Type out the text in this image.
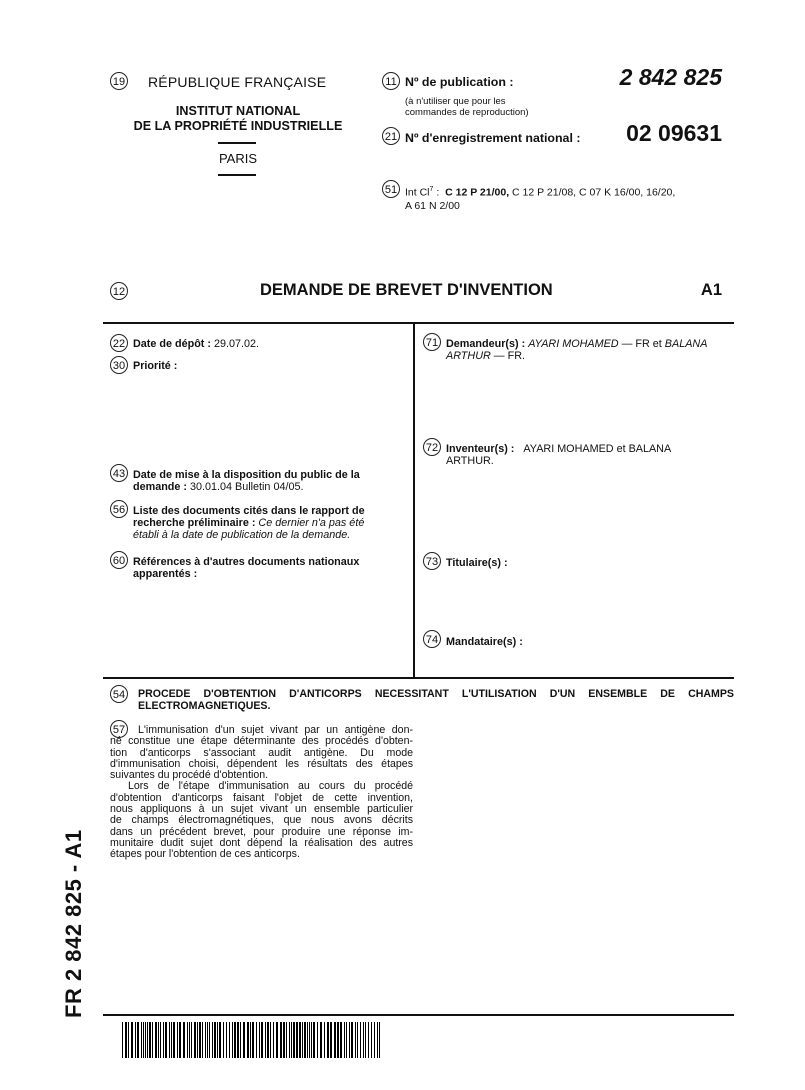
19 RÉPUBLIQUE FRANÇAISE
INSTITUT NATIONAL
DE LA PROPRIÉTÉ INDUSTRIELLE
PARIS
11 Nº de publication :	2 842 825
(à n'utiliser que pour les
commandes de reproduction)
21 Nº d'enregistrement national :	02 09631
51 Int Cl$^7$ : C 12 P 21/00, C 12 P 21/08, C 07 K 16/00, 16/20,
A 61 N 2/00
12	DEMANDE DE BREVET D'INVENTION	A1
22 Date de dépôt : 29.07.02.
30 Priorité :
43 Date de mise à la disposition du public de la
demande : 30.01.04 Bulletin 04/05.
56 Liste des documents cités dans le rapport de
recherche préliminaire : Ce dernier n'a pas été
établi à la date de publication de la demande.
60 Références à d'autres documents nationaux
apparentés :
71 Demandeur(s) : AYARI MOHAMED — FR et BALANA
ARTHUR — FR.
72 Inventeur(s) : AYARI MOHAMED et BALANA
ARTHUR.
73 Titulaire(s) :
74 Mandataire(s) :
54 PROCEDE D'OBTENTION D'ANTICORPS NECESSITANT L'UTILISATION D'UN ENSEMBLE DE CHAMPS
ELECTROMAGNETIQUES.
57	L'immunisation d'un sujet vivant par un antigène don-
né constitue une étape déterminante des procédés d'obten-
tion d'anticorps s'associant audit antigène. Du mode
d'immunisation choisi, dépendent les résultats des étapes
suivantes du procédé d'obtention.
Lors de l'étape d'immunisation au cours du procédé
d'obtention d'anticorps faisant l'objet de cette invention,
nous appliquons à un sujet vivant un ensemble particulier
de champs électromagnétiques, que nous avons décrits
dans un précédent brevet, pour produire une réponse im-
munitaire dudit sujet dont dépend la réalisation des autres
étapes pour l'obtention de ces anticorps.
FR 2 842 825 - A1
